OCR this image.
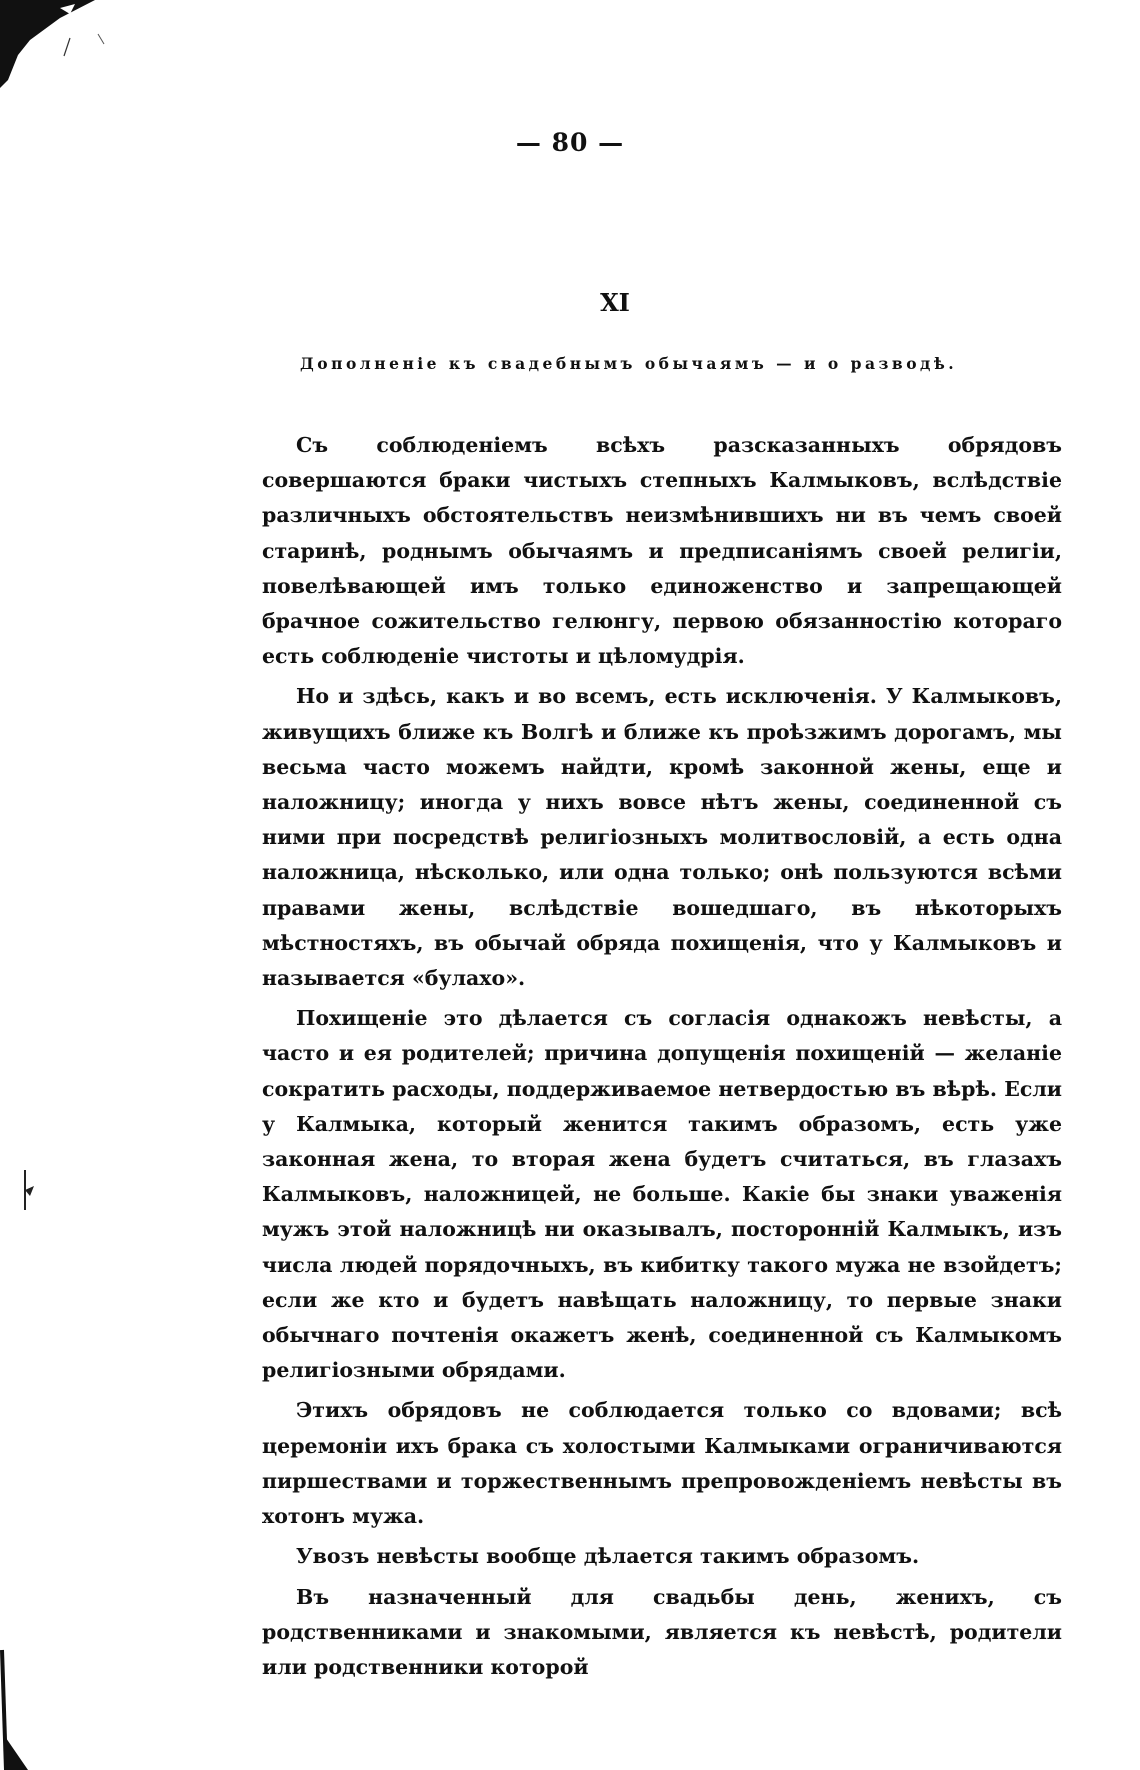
— 80 —
XI
Дополненіе къ свадебнымъ обычаямъ — и о разводѣ.

Съ соблюденіемъ всѣхъ разсказанныхъ обрядовъ совершаются браки чистыхъ степныхъ Калмыковъ, вслѣдствіе различныхъ обстоятельствъ неизмѣнившихъ ни въ чемъ своей старинѣ, роднымъ обычаямъ и предписаніямъ своей религіи, повелѣвающей имъ только единоженство и запрещающей брачное сожительство гелюнгу, первою обязанностію котораго есть соблюденіе чистоты и цѣломудрія.

Но и здѣсь, какъ и во всемъ, есть исключенія. У Калмыковъ, живущихъ ближе къ Волгѣ и ближе къ проѣзжимъ дорогамъ, мы весьма часто можемъ найдти, кромѣ законной жены, еще и наложницу; иногда у нихъ вовсе нѣтъ жены, соединенной съ ними при посредствѣ религіозныхъ молитвословій, а есть одна наложница, нѣсколько, или одна только; онѣ пользуются всѣми правами жены, вслѣдствіе вошедшаго, въ нѣкоторыхъ мѣстностяхъ, въ обычай обряда похищенія, что у Калмыковъ и называется «булахо».

Похищеніе это дѣлается съ согласія однакожъ невѣсты, а часто и ея родителей; причина допущенія похищеній — желаніе сократить расходы, поддерживаемое нетвердостью въ вѣрѣ. Если у Калмыка, который женится такимъ образомъ, есть уже законная жена, то вторая жена будетъ считаться, въ глазахъ Калмыковъ, наложницей, не больше. Какіе бы знаки уваженія мужъ этой наложницѣ ни оказывалъ, посторонній Калмыкъ, изъ числа людей порядочныхъ, въ кибитку такого мужа не взойдетъ; если же кто и будетъ навѣщать наложницу, то первые знаки обычнаго почтенія окажетъ женѣ, соединенной съ Калмыкомъ религіозными обрядами.

Этихъ обрядовъ не соблюдается только со вдовами; всѣ церемоніи ихъ брака съ холостыми Калмыками ограничиваются пиршествами и торжественнымъ препровожденіемъ невѣсты въ хотонъ мужа.

Увозъ невѣсты вообще дѣлается такимъ образомъ.

Въ назначенный для свадьбы день, женихъ, съ родственниками и знакомыми, является къ невѣстѣ, родители или родственники которой
